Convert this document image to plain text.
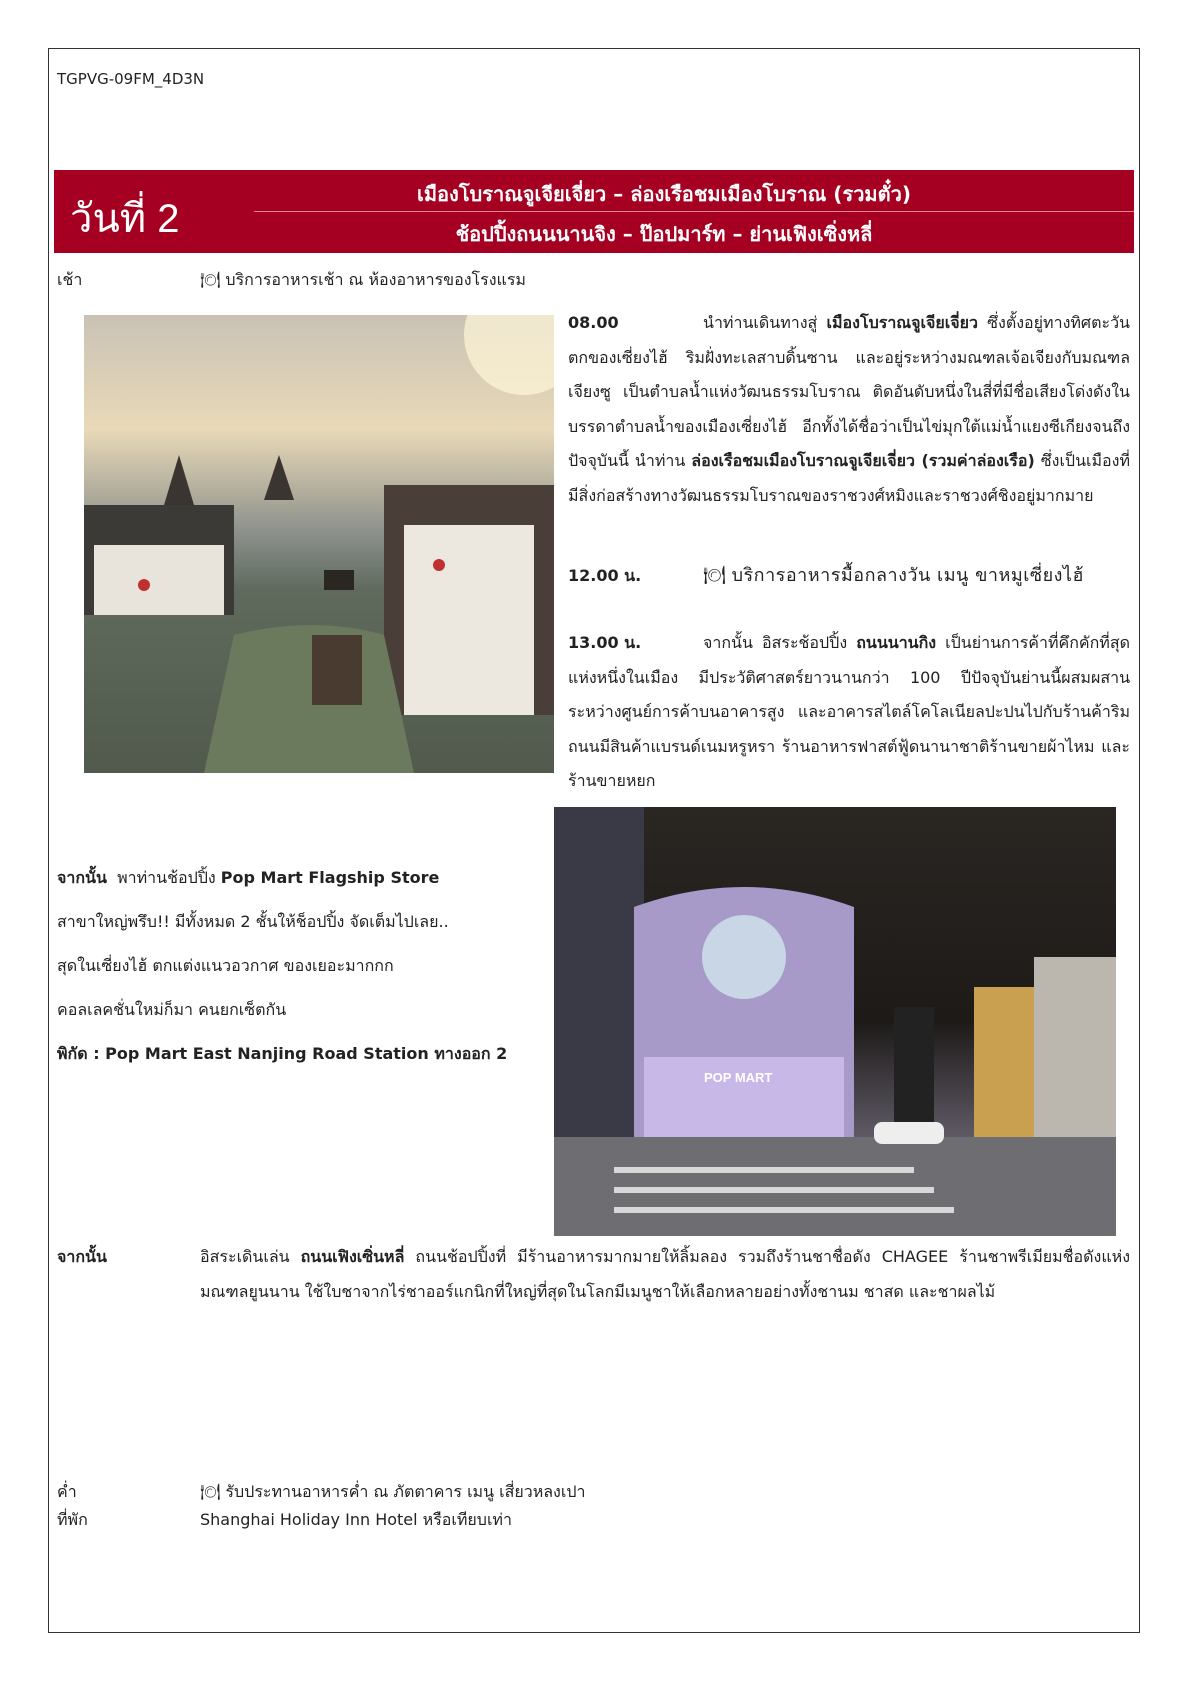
TGPVG-09FM_4D3N
วันที่ 2
เมืองโบราณจูเจียเจี่ยว – ล่องเรือชมเมืองโบราณ (รวมตั๋ว)
ช้อปปิ้งถนนนานจิง – ป๊อปมาร์ท – ย่านเฟิงเซิ่งหลี่
เช้า	🍽 บริการอาหารเช้า ณ ห้องอาหารของโรงแรม
08.00	นำท่านเดินทางสู่ เมืองโบราณจูเจียเจี่ยว ซึ่งตั้งอยู่ทางทิศตะวันตกของเซี่ยงไฮ้ ริมฝั่งทะเลสาบดิ้นซาน และอยู่ระหว่างมณฑลเจ้อเจียงกับมณฑลเจียงซู เป็นตำบลน้ำแห่งวัฒนธรรมโบราณ ติดอันดับหนึ่งในสี่ที่มีชื่อเสียงโด่งดังในบรรดาตำบลน้ำของเมืองเซี่ยงไฮ้ อีกทั้งได้ชื่อว่าเป็นไข่มุกใต้แม่น้ำแยงซีเกียงจนถึงปัจจุบันนี้ นำท่าน ล่องเรือชมเมืองโบราณจูเจียเจี่ยว (รวมค่าล่องเรือ) ซึ่งเป็นเมืองที่มีสิ่งก่อสร้างทางวัฒนธรรมโบราณของราชวงศ์หมิงและราชวงศ์ชิงอยู่มากมาย
12.00 น.	🍽 บริการอาหารมื้อกลางวัน เมนู ขาหมูเซี่ยงไฮ้
13.00 น.	จากนั้น อิสระช้อปปิ้ง ถนนนานกิง เป็นย่านการค้าที่คึกคักที่สุดแห่งหนึ่งในเมือง มีประวัติศาสตร์ยาวนานกว่า 100 ปีปัจจุบันย่านนี้ผสมผสานระหว่างศูนย์การค้าบนอาคารสูง และอาคารสไตล์โคโลเนียลปะปนไปกับร้านค้าริมถนนมีสินค้าแบรนด์เนมหรูหรา ร้านอาหารฟาสต์ฟู้ดนานาชาติร้านขายผ้าไหม และร้านขายหยก
POP MART
จากนั้น  พาท่านช้อปปิ้ง Pop Mart Flagship Store
สาขาใหญ่พรึบ!! มีทั้งหมด 2 ชั้นให้ช็อปปิ้ง จัดเต็มไปเลย..
สุดในเซี่ยงไฮ้ ตกแต่งแนวอวกาศ ของเยอะมากกก
คอลเลคชั่นใหม่ก็มา คนยกเซ็ตกัน
พิกัด : Pop Mart East Nanjing Road Station ทางออก 2
จากนั้น	อิสระเดินเล่น ถนนเฟิงเซิ่นหลี่ ถนนช้อปปิ้งที่ มีร้านอาหารมากมายให้ลิ้มลอง รวมถึงร้านชาชื่อดัง CHAGEE ร้านชาพรีเมียมชื่อดังแห่งมณฑลยูนนาน ใช้ใบชาจากไร่ชาออร์แกนิกที่ใหญ่ที่สุดในโลกมีเมนูชาให้เลือกหลายอย่างทั้งชานม ชาสด และชาผลไม้
ค่ำ	🍽 รับประทานอาหารค่ำ ณ ภัตตาคาร เมนู เสี่ยวหลงเปา
ที่พัก	Shanghai Holiday Inn Hotel หรือเทียบเท่า
